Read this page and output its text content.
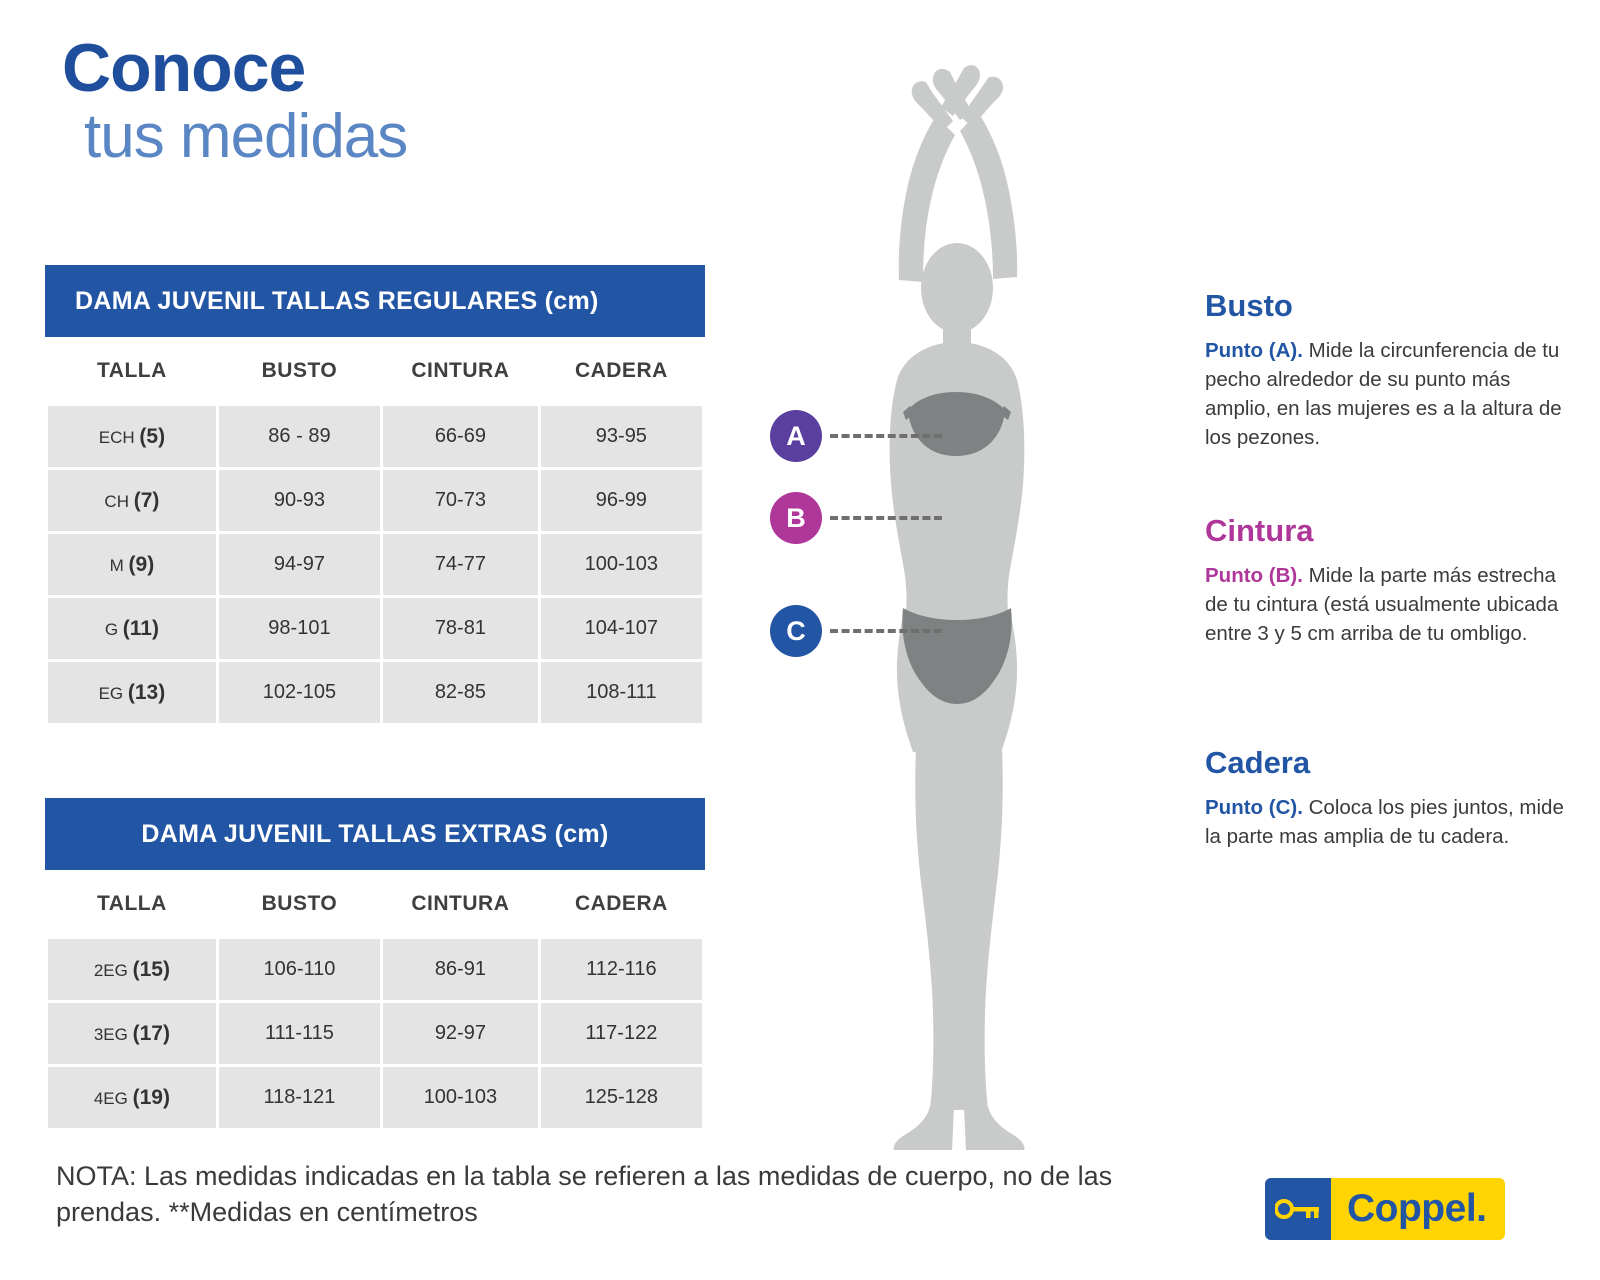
Conoce
tus medidas
DAMA JUVENIL TALLAS REGULARES (cm)
TALLA	BUSTO	CINTURA	CADERA
ECH (5)	86 - 89	66-69	93-95
CH (7)	90-93	70-73	96-99
M (9)	94-97	74-77	100-103
G (11)	98-101	78-81	104-107
EG (13)	102-105	82-85	108-111
DAMA JUVENIL TALLAS EXTRAS (cm)
TALLA	BUSTO	CINTURA	CADERA
2EG (15)	106-110	86-91	112-116
3EG (17)	111-115	92-97	117-122
4EG (19)	118-121	100-103	125-128
NOTA: Las medidas indicadas en la tabla se refieren a las medidas de cuerpo, no de las prendas. **Medidas en centímetros
A
B
C
Busto

Punto (A). Mide la circunferencia de tu pecho alrededor de su punto más amplio, en las mujeres es a la altura de los pezones.

Cintura

Punto (B). Mide la parte más estrecha de tu cintura (está usualmente ubicada entre 3 y 5 cm arriba de tu ombligo.

Cadera

Punto (C). Coloca los pies juntos, mide la parte mas amplia de tu cadera.

Coppel.
